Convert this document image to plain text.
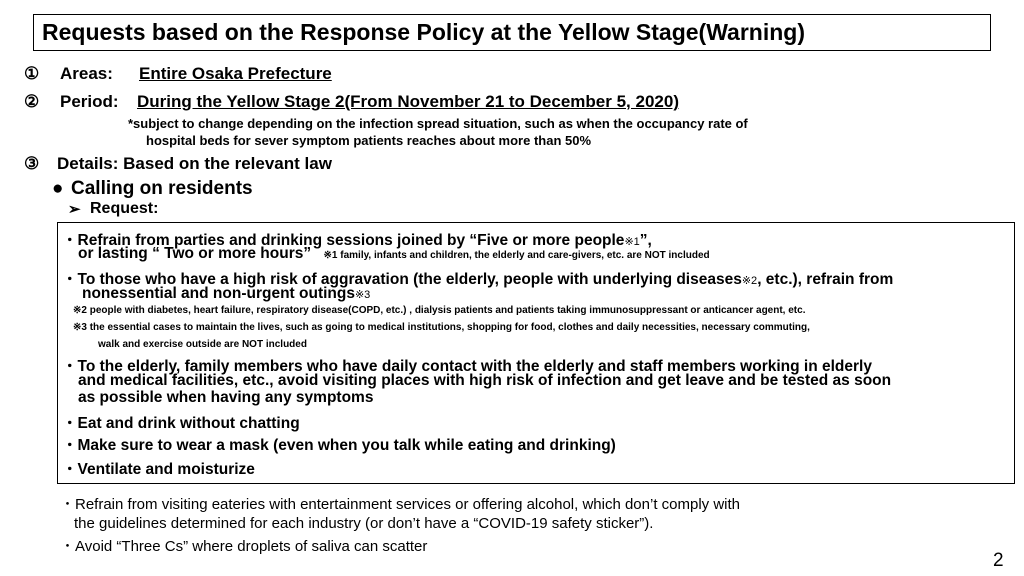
Requests based on the Response Policy at the Yellow Stage(Warning)
① Areas: Entire Osaka Prefecture
② Period: During the Yellow Stage 2(From November 21 to December 5, 2020)
*subject to change depending on the infection spread situation, such as when the occupancy rate of
hospital beds for sever symptom patients reaches about more than 50%
③ Details: Based on the relevant law
● Calling on residents
➢ Request:
・Refrain from parties and drinking sessions joined by “Five or more people※1”,
or lasting “ Two or more hours” ※1 family, infants and children, the elderly and care-givers, etc. are NOT included
・To those who have a high risk of aggravation (the elderly, people with underlying diseases※2, etc.), refrain from
nonessential and non-urgent outings※3
※2 people with diabetes, heart failure, respiratory disease(COPD, etc.) , dialysis patients and patients taking immunosuppressant or anticancer agent, etc.
※3 the essential cases to maintain the lives, such as going to medical institutions, shopping for food, clothes and daily necessities, necessary commuting,
walk and exercise outside are NOT included
・To the elderly, family members who have daily contact with the elderly and staff members working in elderly
and medical facilities, etc., avoid visiting places with high risk of infection and get leave and be tested as soon
as possible when having any symptoms
・Eat and drink without chatting
・Make sure to wear a mask (even when you talk while eating and drinking)
・Ventilate and moisturize
・Refrain from visiting eateries with entertainment services or offering alcohol, which don’t comply with
the guidelines determined for each industry (or don’t have a “COVID-19 safety sticker”).
・Avoid “Three Cs” where droplets of saliva can scatter
2
